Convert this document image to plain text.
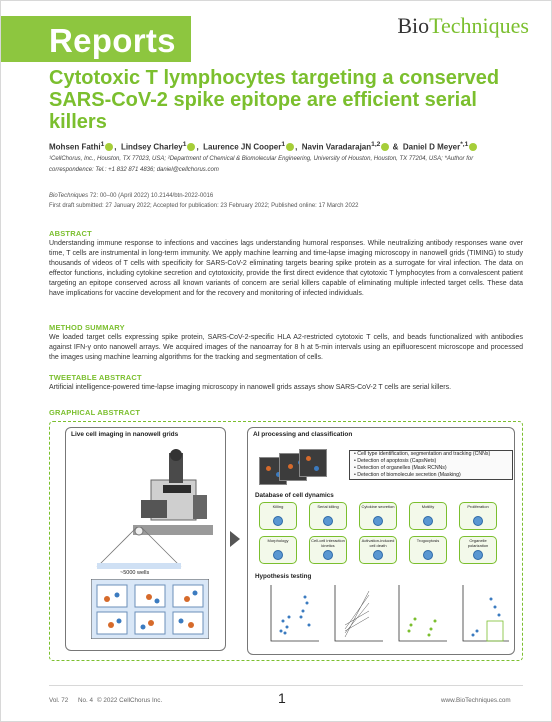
Reports	BioTechniques
Cytotoxic T lymphocytes targeting a conserved SARS-CoV-2 spike epitope are efficient serial killers
Mohsen Fathi$^1$ ,  Lindsey Charley$^1$ ,  Laurence JN Cooper$^1$ ,  Navin Varadarajan$^{1,2}$ &  Daniel D Meyer$^{*,1}$
¹CellChorus, Inc., Houston, TX 77023, USA; ²Department of Chemical & Biomolecular Engineering, University of Houston, Houston, TX 77204, USA; *Author for correspondence: Tel.: +1 832 871 4836; daniel@cellchorus.com
BioTechniques 72: 00–00 (April 2022) 10.2144/btn-2022-0016
First draft submitted: 27 January 2022; Accepted for publication: 23 February 2022; Published online: 17 March 2022
ABSTRACT
Understanding immune response to infections and vaccines lags understanding humoral responses. While neutralizing antibody responses wane over time, T cells are instrumental in long-term immunity. We apply machine learning and time-lapse imaging microscopy in nanowell grids (TIMING) to study thousands of videos of T cells with specificity for SARS-CoV-2 eliminating targets bearing spike protein as a surrogate for viral infection. The data on effector functions, including cytokine secretion and cytotoxicity, provide the first direct evidence that cytotoxic T lymphocytes from a convalescent patient targeting an epitope conserved across all known variants of concern are serial killers capable of eliminating multiple infected target cells. These data have implications for vaccine development and for the recovery and monitoring of infected individuals.
METHOD SUMMARY
We loaded target cells expressing spike protein, SARS-CoV-2-specific HLA A2-restricted cytotoxic T cells, and beads functionalized with antibodies against IFN-γ onto nanowell arrays. We acquired images of the nanoarray for 8 h at 5-min intervals using an epifluorescent microscope and processed the images using machine learning algorithms for the tracking and segmentation of cells.
TWEETABLE ABSTRACT
Artificial intelligence-powered time-lapse imaging microscopy in nanowell grids assays show SARS-CoV-2 T cells are serial killers.
GRAPHICAL ABSTRACT
Live cell imaging in nanowell grids
~5000 wells
AI processing and classification
• Cell type identification, segmentation and tracking (CNNs)
• Detection of apoptosis (CapsNets)
• Detection of organelles (Mask RCNNs)
• Detection of biomolecule secretion (Masking)
Database of cell dynamics
Killing	Serial killing	Cytokine secretion	Motility	Proliferation
Morphology	Cell-cell interaction kinetics
Activation-induced cell death
Trogocytosis	Organelle polarization
Hypothesis testing
Vol. 72 No. 4 © 2022 CellChorus Inc.	1	www.BioTechniques.com
